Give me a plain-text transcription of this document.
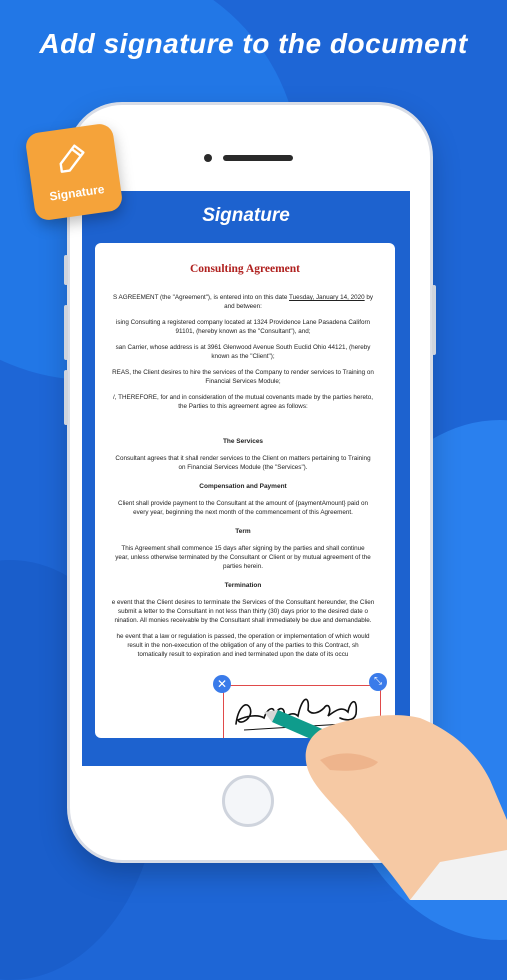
Add signature to the document
Signature
Consulting Agreement

S AGREEMENT (the "Agreement"), is entered into on this date Tuesday, January 14, 2020 by
and between:

ising Consulting a registered company located at 1324 Providence Lane Pasadena Californ
91101, (hereby known as the "Consultant"), and;

san Carrier, whose address is at 3961 Glenwood Avenue South Euclid Ohio 44121, (hereby
known as the "Client");

REAS, the Client desires to hire the services of the Company to render services to Training on
Financial Services Module;

/, THEREFORE, for and in consideration of the mutual covenants made by the parties hereto,
the Parties to this agreement agree as follows:

The Services

Consultant agrees that it shall render services to the Client on matters pertaining to Training
on Financial Services Module (the "Services").

Compensation and Payment

Client shall provide payment to the Consultant at the amount of {paymentAmount} paid on
every year, beginning the next month of the commencement of this Agreement.

Term

This Agreement shall commence 15 days after signing by the parties and shall continue
year, unless otherwise terminated by the Consultant or Client or by mutual agreement of the
parties herein.

Termination

e event that the Client desires to terminate the Services of the Consultant hereunder, the Clien
submit a letter to the Consultant in not less than thirty (30) days prior to the desired date o
nination. All monies receivable by the Consultant shall immediately be due and demandable.

he event that a law or regulation is passed, the operation or implementation of which would
result in the non-execution of the obligation of any of the parties to this Contract, sh
tomatically result to expiration and ined terminated upon the date of its occu

✕	⤡
Signature
